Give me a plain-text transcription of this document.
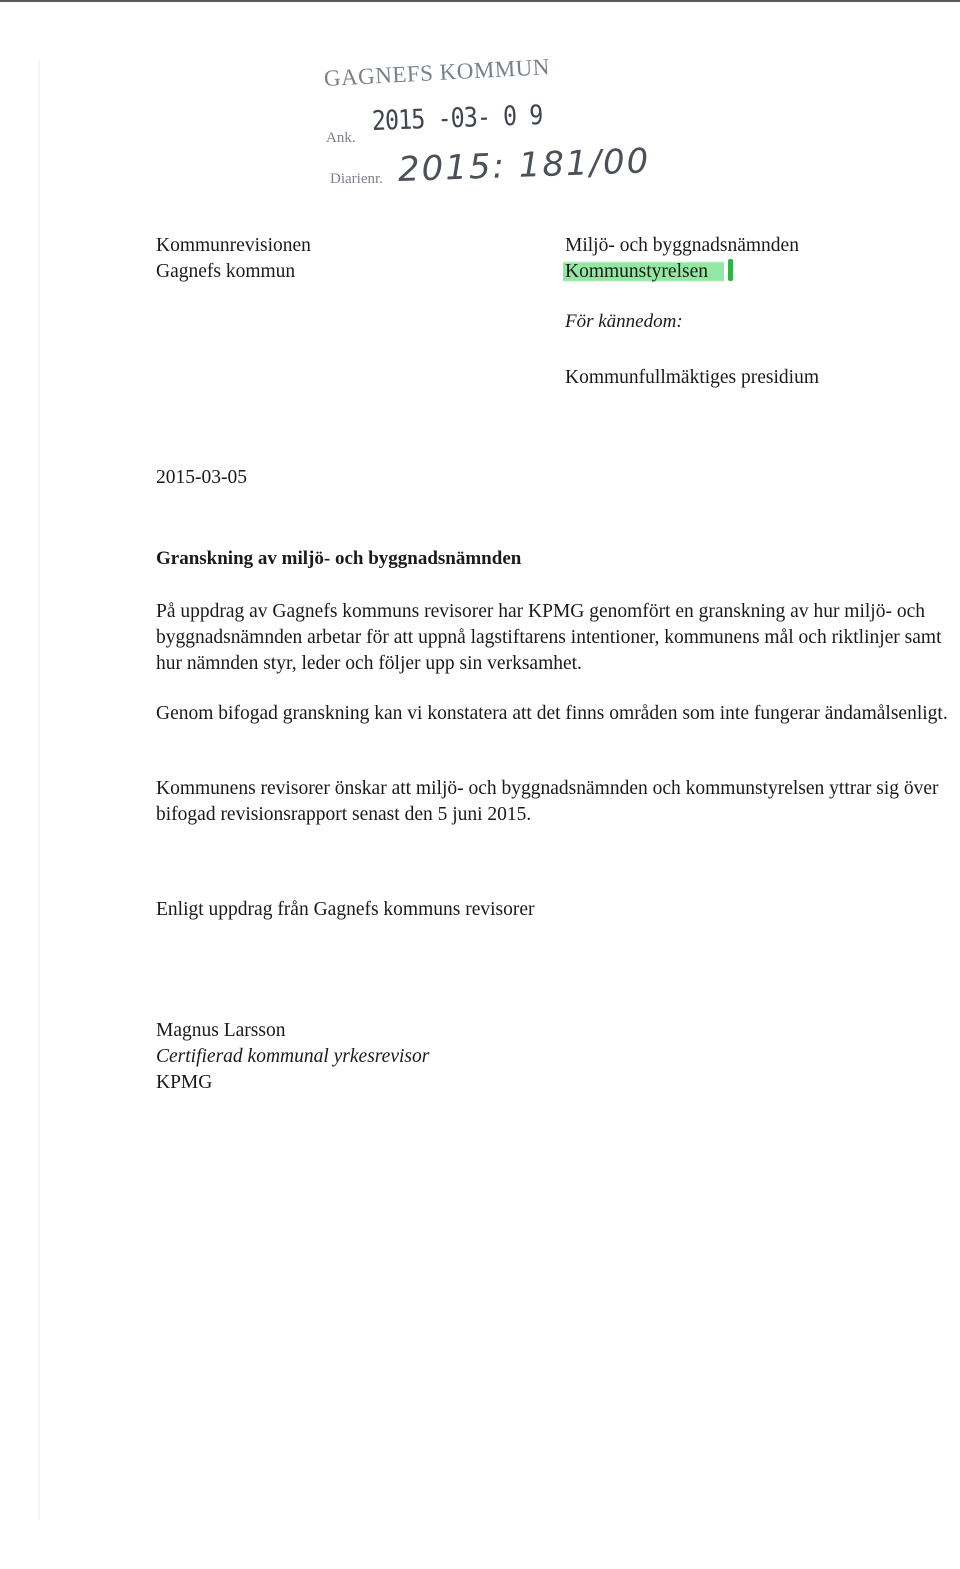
GAGNEFS KOMMUN
Ank.
2015 -03- 0 9
Diarienr. 2015: 181/00
Kommunrevisionen
Gagnefs kommun
Miljö- och byggnadsnämnden
Kommunstyrelsen
För kännedom:
Kommunfullmäktiges presidium
2015-03-05
Granskning av miljö- och byggnadsnämnden
På uppdrag av Gagnefs kommuns revisorer har KPMG genomfört en granskning av hur miljö- och byggnadsnämnden arbetar för att uppnå lagstiftarens intentioner, kommunens mål och riktlinjer samt hur nämnden styr, leder och följer upp sin verksamhet.
Genom bifogad granskning kan vi konstatera att det finns områden som inte fungerar ändamålsenligt.
Kommunens revisorer önskar att miljö- och byggnadsnämnden och kommunstyrelsen yttrar sig över bifogad revisionsrapport senast den 5 juni 2015.
Enligt uppdrag från Gagnefs kommuns revisorer
Magnus Larsson
Certifierad kommunal yrkesrevisor
KPMG
